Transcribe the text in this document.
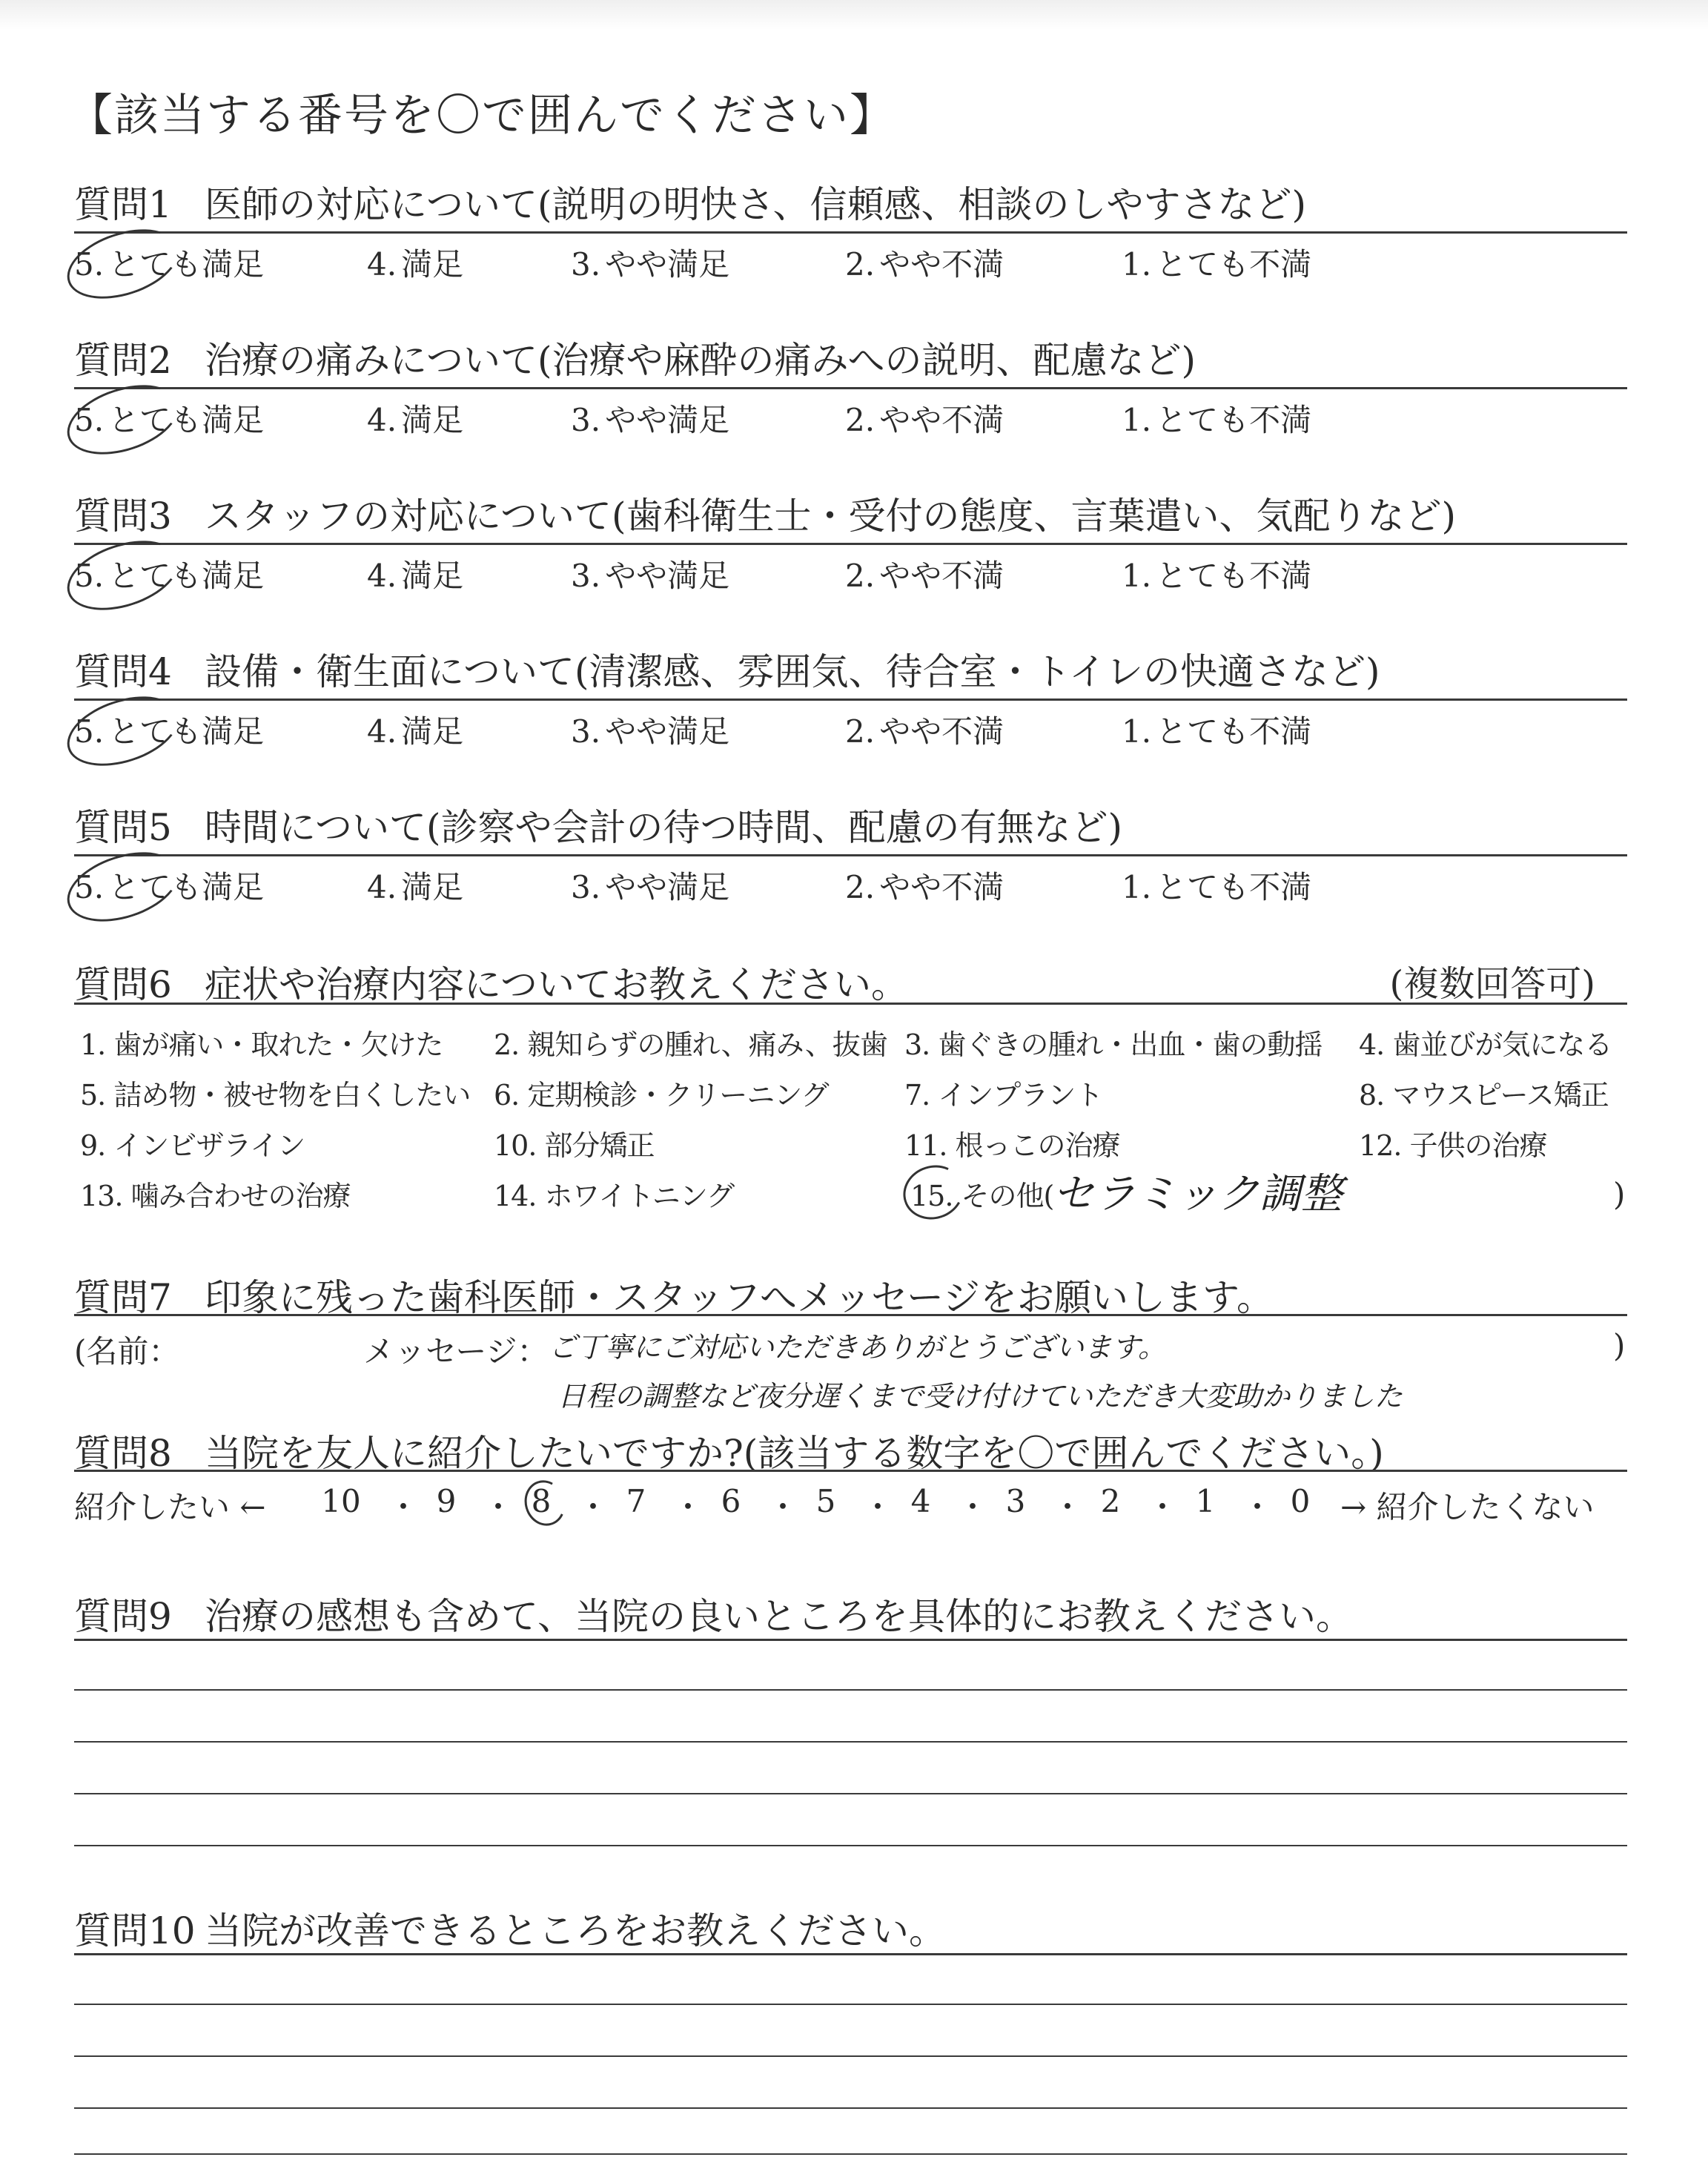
【該当する番号を〇で囲んでください】
質問1 医師の対応について(説明の明快さ、信頼感、相談のしやすさなど)
5. とても満足	4. 満足	3. やや満足	2. やや不満	1. とても不満
質問2 治療の痛みについて(治療や麻酔の痛みへの説明、配慮など)
5. とても満足	4. 満足	3. やや満足	2. やや不満	1. とても不満
質問3 スタッフの対応について(歯科衛生士・受付の態度、言葉遣い、気配りなど)
5. とても満足	4. 満足	3. やや満足	2. やや不満	1. とても不満
質問4 設備・衛生面について(清潔感、雰囲気、待合室・トイレの快適さなど)
5. とても満足	4. 満足	3. やや満足	2. やや不満	1. とても不満
質問5 時間について(診察や会計の待つ時間、配慮の有無など)
5. とても満足	4. 満足	3. やや満足	2. やや不満	1. とても不満
質問6 症状や治療内容についてお教えください。	(複数回答可)
1. 歯が痛い・取れた・欠けた 2. 親知らずの腫れ、痛み、抜歯 3. 歯ぐきの腫れ・出血・歯の動揺 4. 歯並びが気になる
5. 詰め物・被せ物を白くしたい 6. 定期検診・クリーニング	7. インプラント	8. マウスピース矯正
9. インビザライン	10. 部分矯正	11. 根っこの治療	12. 子供の治療
13. 噛み合わせの治療	14. ホワイトニング	15. その他(
セラミック調整	)
質問7 印象に残った歯科医師・スタッフへメッセージをお願いします。
(名前：	メッセージ：	)
ご丁寧にご対応いただきありがとうございます。
日程の調整など夜分遅くまで受け付けていただき大変助かりました
質問8 当院を友人に紹介したいですか?(該当する数字を〇で囲んでください。)
紹介したい ←	→ 紹介したくない
10 ・ 9 ・ 8 ・ 7 ・ 6 ・ 5 ・ 4 ・ 3 ・ 2 ・ 1 ・ 0
質問9 治療の感想も含めて、当院の良いところを具体的にお教えください。
質問10 当院が改善できるところをお教えください。
